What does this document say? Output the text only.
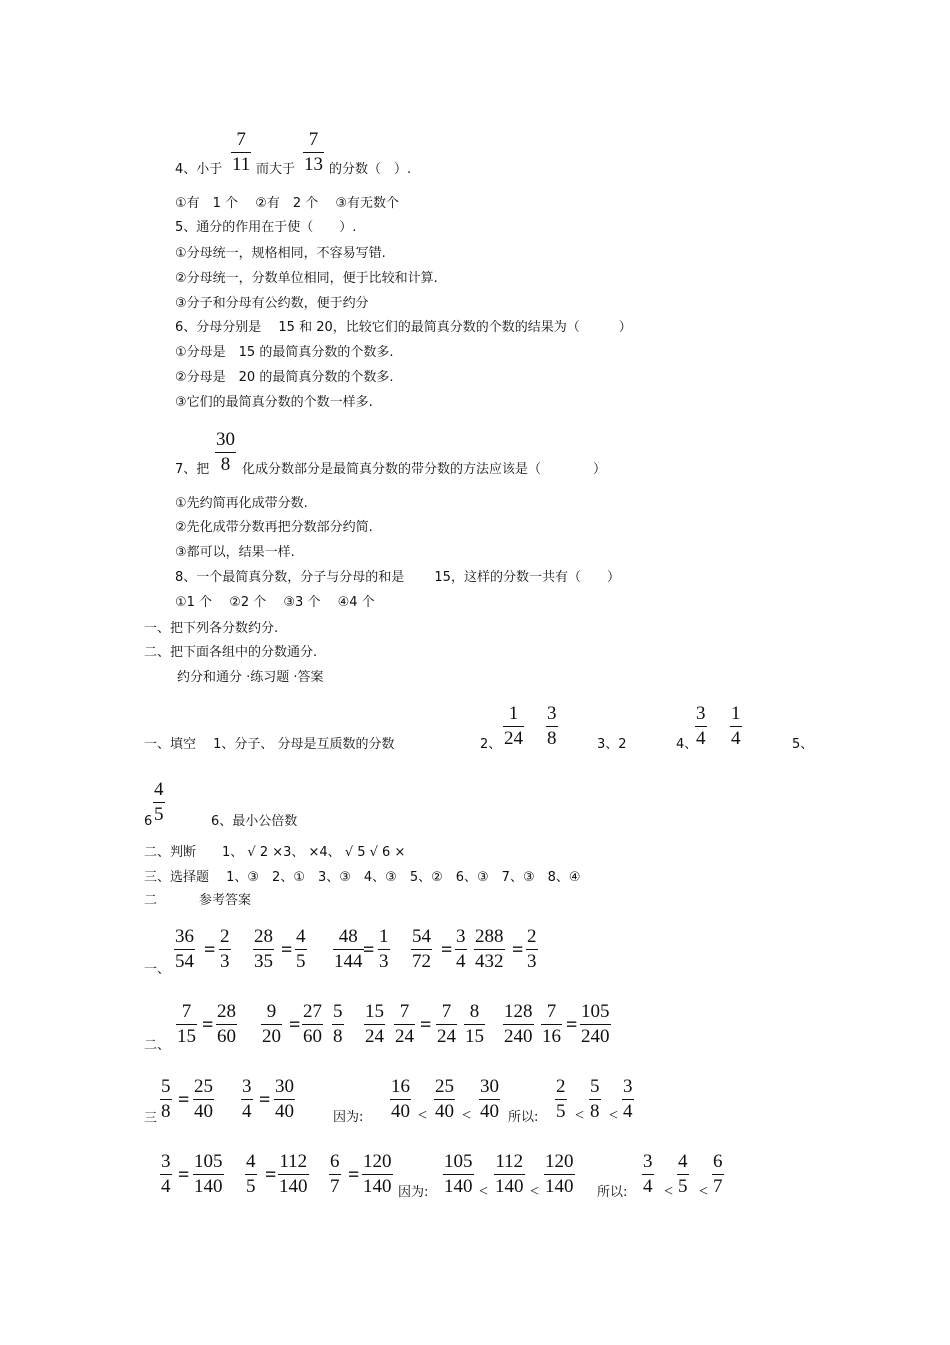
7
11
4、小于	而大于
7
13 的分数（　）.
①有　1 个　 ②有　2 个　 ③有无数个
5、通分的作用在于使（　　）.
①分母统一，规格相同，不容易写错.
②分母统一，分数单位相同，便于比较和计算.
③分子和分母有公约数，便于约分
6、分母分别是　 15 和 20，比较它们的最简真分数的个数的结果为（　　　）
①分母是　15 的最简真分数的个数多.
②分母是　20 的最简真分数的个数多.
③它们的最简真分数的个数一样多.
7、把
30
8 化成分数部分是最简真分数的带分数的方法应该是（　　　　）
①先约简再化成带分数.
②先化成带分数再把分数部分约简.
③都可以，结果一样.
8、一个最简真分数，分子与分母的和是　　 15，这样的分数一共有（　　）
①1 个　 ②2 个　 ③3 个　 ④4 个
一、把下列各分数约分.
二、把下面各组中的分数通分.
约分和通分 ·练习题 ·答案
一、填空　 1、分子、 分母是互质数的分数	2、
1
24
3
8	3、2	4、
3
4
1
4	5、
6
4
5	6、最小公倍数
二、判断　　1、 √ 2 ×3、 ×4、 √ 5 √ 6 ×
三、选择题　 1、③　2、①　3、③　4、③　5、②　6、③　7、③　8、④
二	参考答案
一、
36
54
2
3
28
35
4
5
48
144
1
3
54
72
3
4
288
432
2
3
=	=	=	=	=
二、
7
15
28
60
9
20
27
60
5
8
15
24
7
24
7
24
8
15
128
240
7
16
105
240
=	=	=	=
三	因为:	所以:
5
8
25
40
3
4
30
40
16
40
25
40
30
40
2
5
5
8
3
4
=	=
< <	< <
因为:	所以:
3
4
105
140
4
5
112
140
6
7
120
140
105
140
112
140
120
140
3
4
4
5
6
7
=	=	=
<	<	< <
